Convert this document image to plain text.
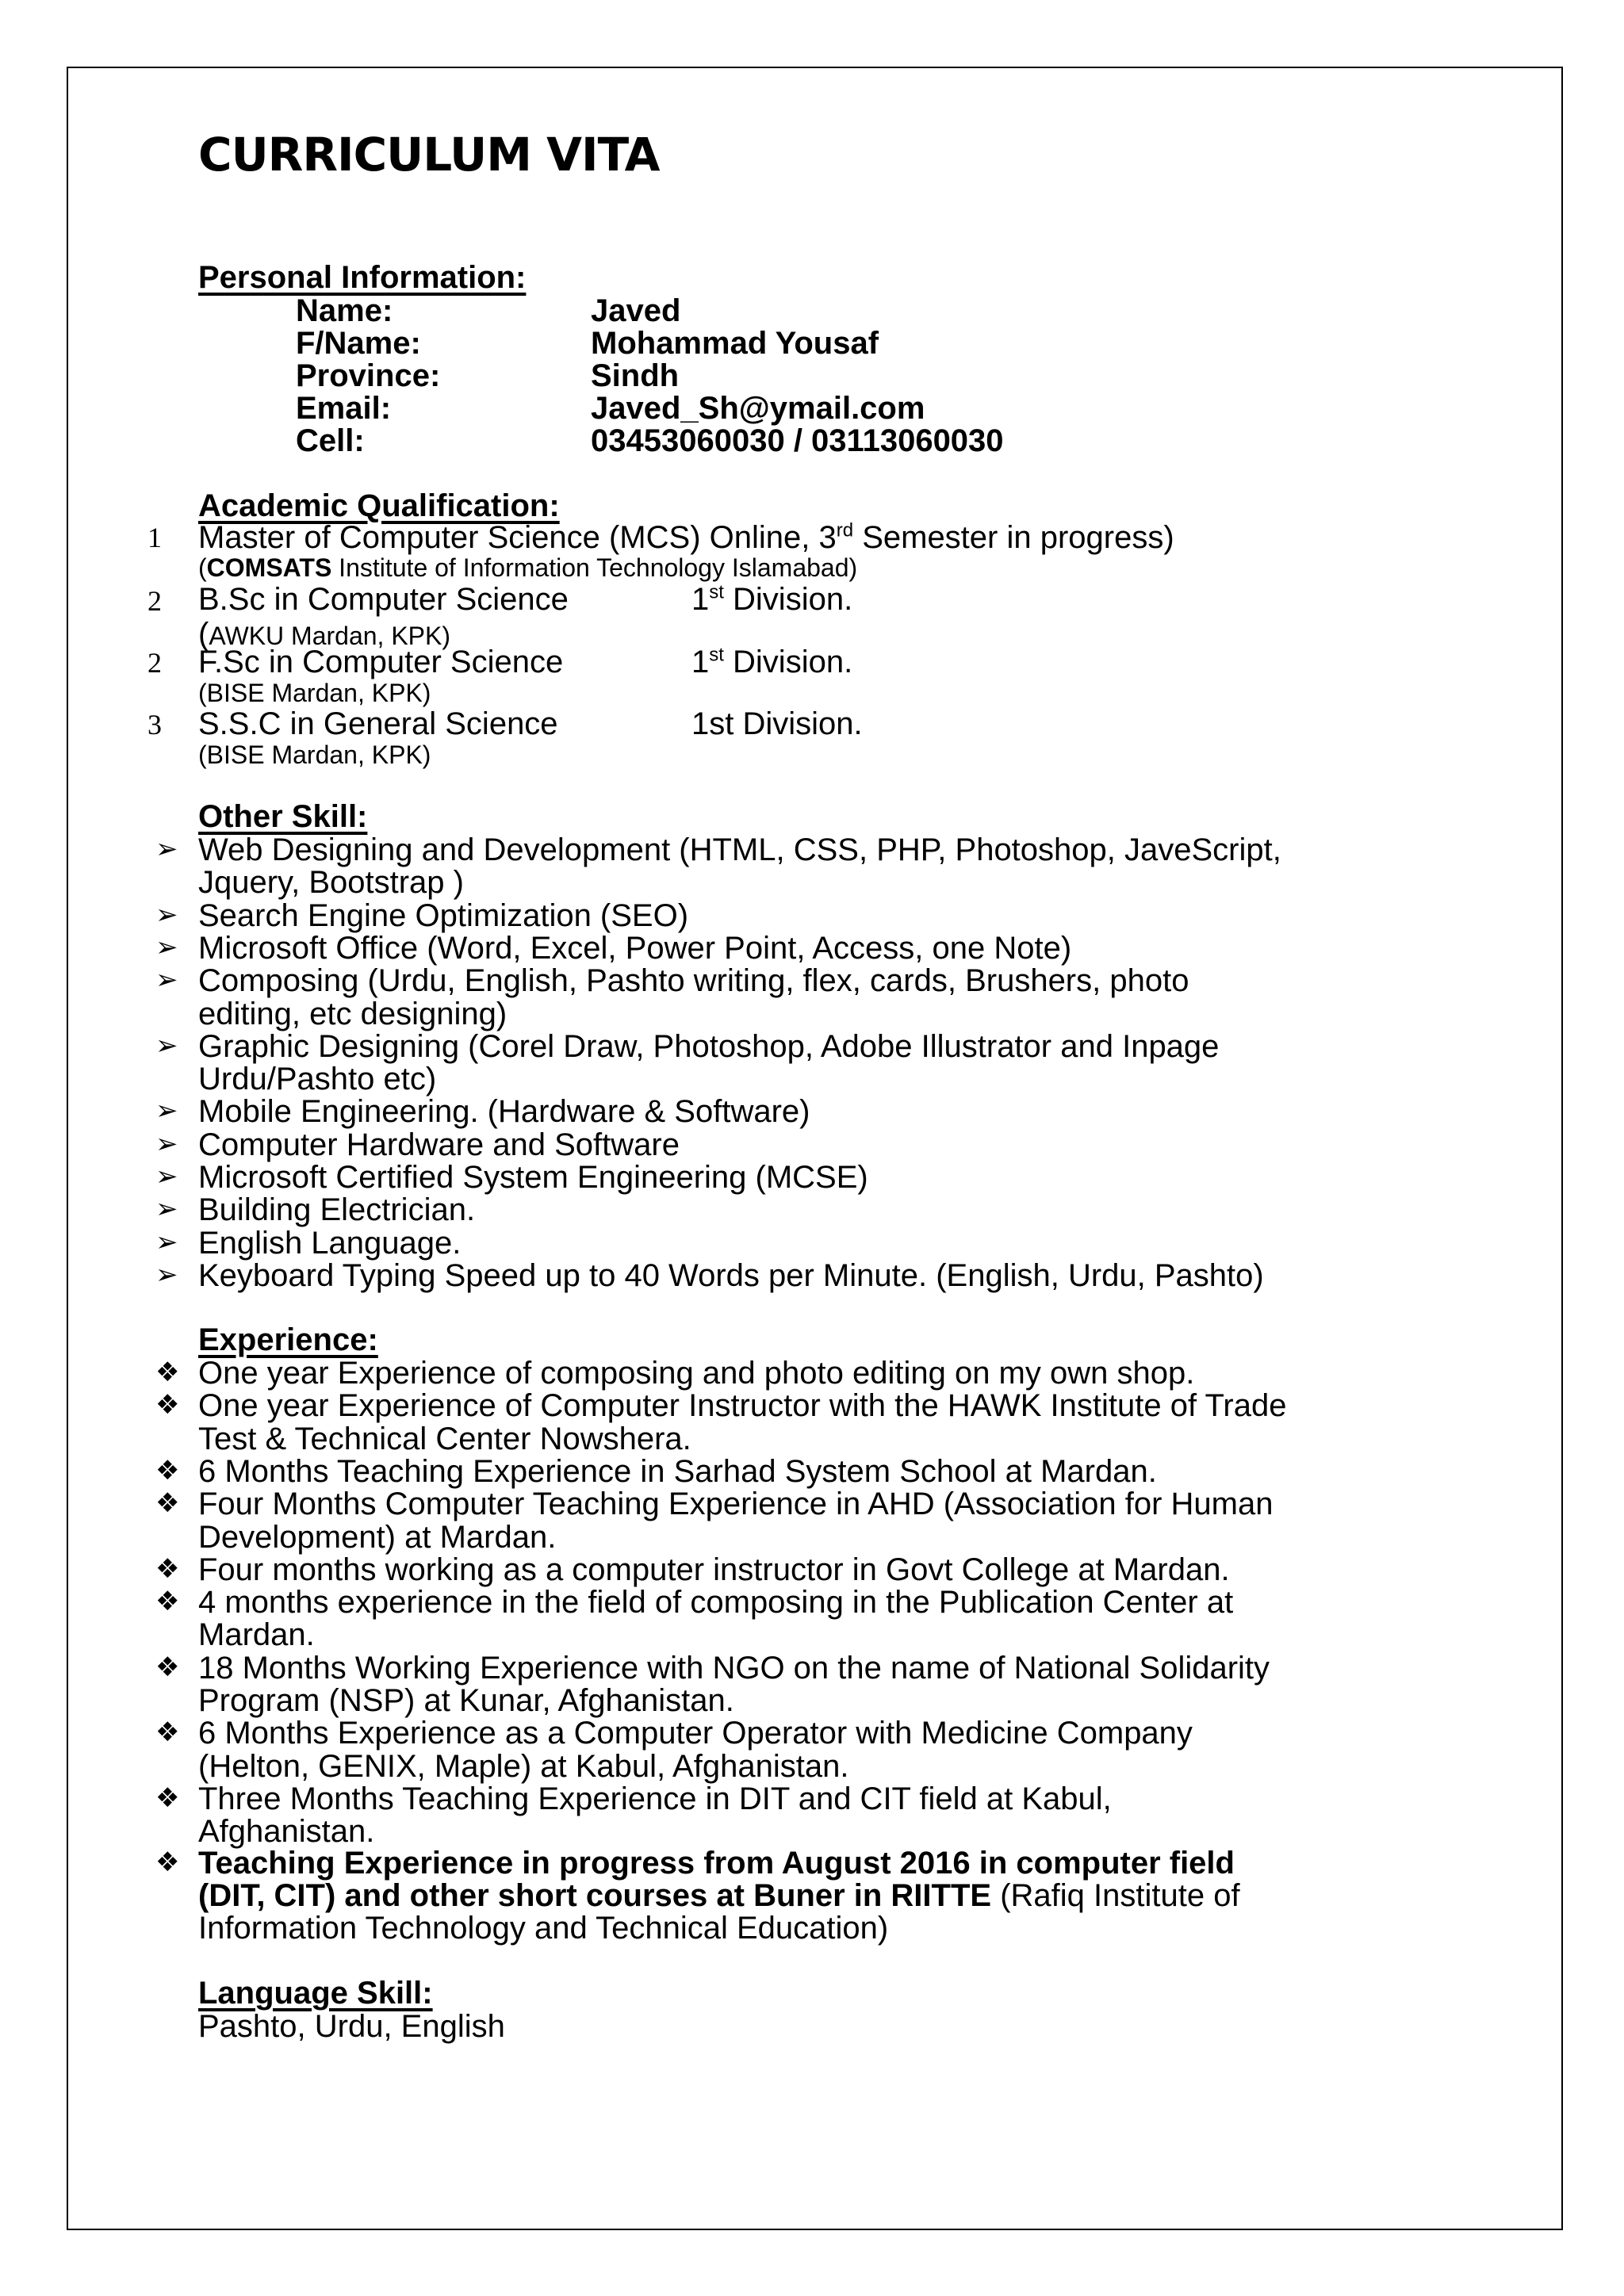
CURRICULUM VITA
Personal Information:
Name:	Javed
F/Name:	Mohammad Yousaf
Province:	Sindh
Email:	Javed_Sh@ymail.com
Cell:	03453060030 / 03113060030
Academic Qualification:
1 Master of Computer Science (MCS) Online, 3rd Semester in progress)
(COMSATS Institute of Information Technology Islamabad)
2 B.Sc in Computer Science	1st Division.
(AWKU Mardan, KPK)
2 F.Sc in Computer Science	1st Division.
(BISE Mardan, KPK)
3 S.S.C in General Science	1st Division.
(BISE Mardan, KPK)
Other Skill:
➢ Web Designing and Development (HTML, CSS, PHP, Photoshop, JaveScript,
Jquery, Bootstrap )
➢ Search Engine Optimization (SEO)
➢ Microsoft Office (Word, Excel, Power Point, Access, one Note)
➢ Composing (Urdu, English, Pashto writing, flex, cards, Brushers, photo
editing, etc designing)
➢ Graphic Designing (Corel Draw, Photoshop, Adobe Illustrator and Inpage
Urdu/Pashto etc)
➢ Mobile Engineering. (Hardware & Software)
➢ Computer Hardware and Software
➢ Microsoft Certified System Engineering (MCSE)
➢ Building Electrician.
➢ English Language.
➢ Keyboard Typing Speed up to 40 Words per Minute. (English, Urdu, Pashto)
Experience:
❖ One year Experience of composing and photo editing on my own shop.
❖ One year Experience of Computer Instructor with the HAWK Institute of Trade
Test & Technical Center Nowshera.
❖ 6 Months Teaching Experience in Sarhad System School at Mardan.
❖ Four Months Computer Teaching Experience in AHD (Association for Human
Development) at Mardan.
❖ Four months working as a computer instructor in Govt College at Mardan.
❖ 4 months experience in the field of composing in the Publication Center at
Mardan.
❖ 18 Months Working Experience with NGO on the name of National Solidarity
Program (NSP) at Kunar, Afghanistan.
❖ 6 Months Experience as a Computer Operator with Medicine Company
(Helton, GENIX, Maple) at Kabul, Afghanistan.
❖ Three Months Teaching Experience in DIT and CIT field at Kabul,
Afghanistan.
❖ Teaching Experience in progress from August 2016 in computer field
(DIT, CIT) and other short courses at Buner in RIITTE (Rafiq Institute of
Information Technology and Technical Education)
Language Skill:
Pashto, Urdu, English
